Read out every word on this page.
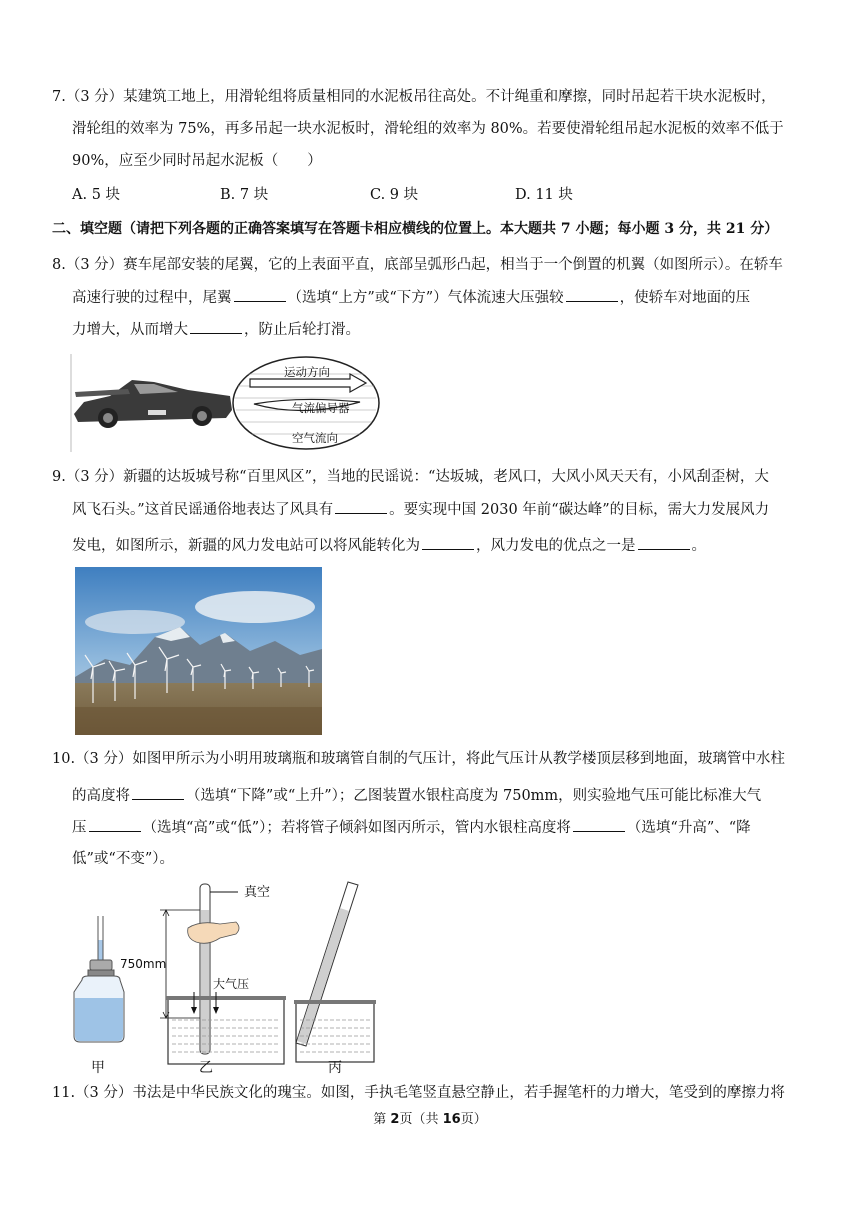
7.（3 分）某建筑工地上，用滑轮组将质量相同的水泥板吊往高处。不计绳重和摩擦，同时吊起若干块水泥板时，
滑轮组的效率为 75%，再多吊起一块水泥板时，滑轮组的效率为 80%。若要使滑轮组吊起水泥板的效率不低于
90%，应至少同时吊起水泥板（　　）
A. 5 块	B. 7 块	C. 9 块	D. 11 块
二、填空题（请把下列各题的正确答案填写在答题卡相应横线的位置上。本大题共 7 小题；每小题 3 分，共 21 分）
8.（3 分）赛车尾部安装的尾翼，它的上表面平直，底部呈弧形凸起，相当于一个倒置的机翼（如图所示）。在轿车
高速行驶的过程中，尾翼	（选填“上方”或“下方”）气体流速大压强较	，使轿车对地面的压
力增大，从而增大	，防止后轮打滑。
运动方向
气流偏导器
空气流向
9.（3 分）新疆的达坂城号称“百里风区”，当地的民谣说：“达坂城，老风口，大风小风天天有，小风刮歪树，大
风飞石头。”这首民谣通俗地表达了风具有	。要实现中国 2030 年前“碳达峰”的目标，需大力发展风力
发电，如图所示，新疆的风力发电站可以将风能转化为	，风力发电的优点之一是	。
10.（3 分）如图甲所示为小明用玻璃瓶和玻璃管自制的气压计，将此气压计从教学楼顶层移到地面，玻璃管中水柱
的高度将	（选填“下降”或“上升”）；乙图装置水银柱高度为 750mm，则实验地气压可能比标准大气
压	（选填“高”或“低”）；若将管子倾斜如图丙所示，管内水银柱高度将	（选填“升高”、“降
低”或“不变”）。
甲
真空
750mm
大气压
乙	丙
11.（3 分）书法是中华民族文化的瑰宝。如图，手执毛笔竖直悬空静止，若手握笔杆的力增大，笔受到的摩擦力将
第 2页（共 16页）
